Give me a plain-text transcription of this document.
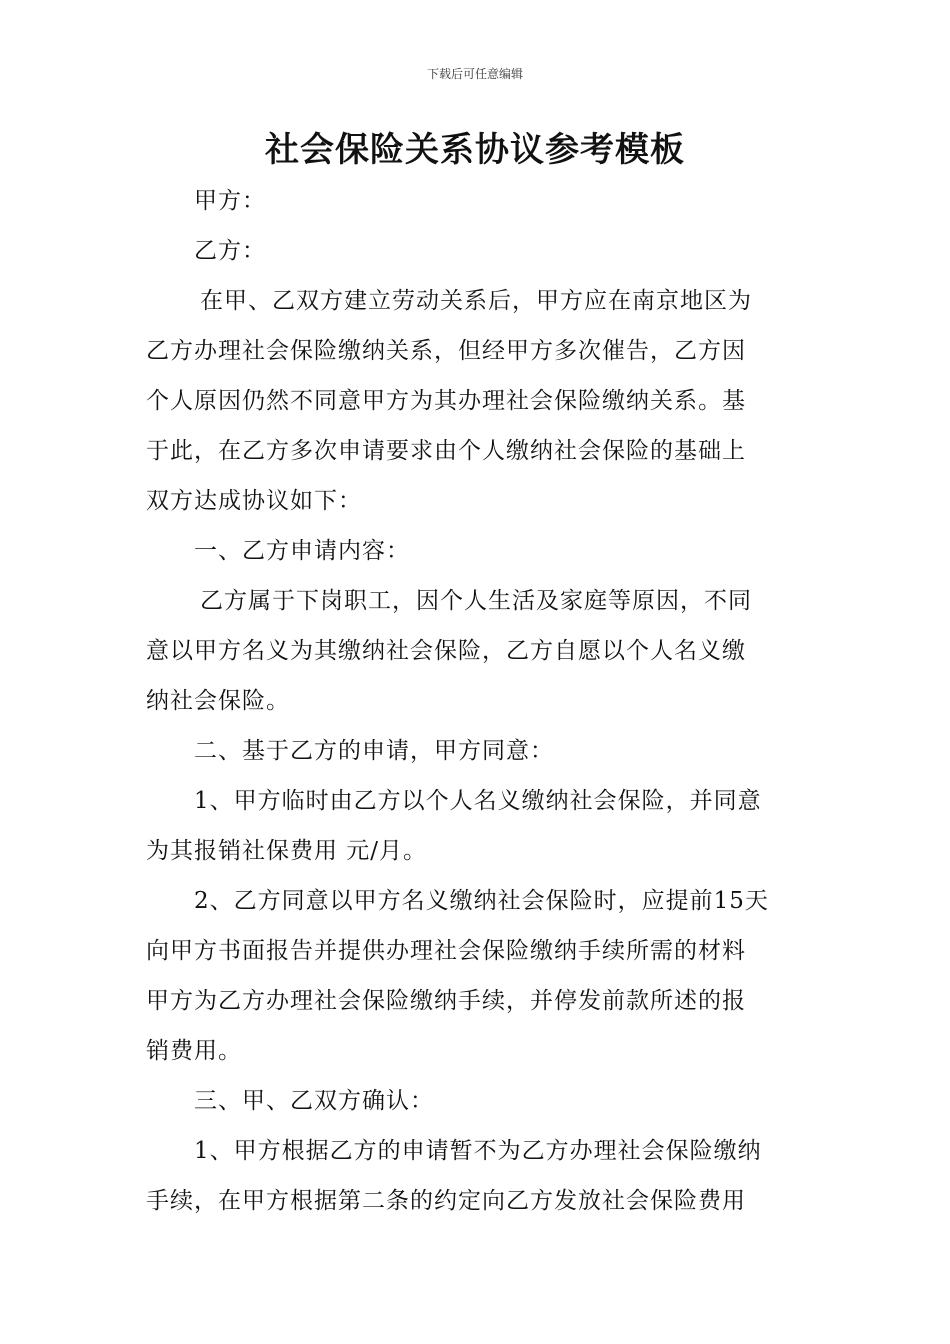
下载后可任意编辑
社会保险关系协议参考模板
甲方：
乙方：
在甲、乙双方建立劳动关系后，甲方应在南京地区为
乙方办理社会保险缴纳关系，但经甲方多次催告，乙方因
个人原因仍然不同意甲方为其办理社会保险缴纳关系。基
于此，在乙方多次申请要求由个人缴纳社会保险的基础上
双方达成协议如下：
一、乙方申请内容：
乙方属于下岗职工，因个人生活及家庭等原因，不同
意以甲方名义为其缴纳社会保险，乙方自愿以个人名义缴
纳社会保险。
二、基于乙方的申请，甲方同意：
1、甲方临时由乙方以个人名义缴纳社会保险，并同意
为其报销社保费用 元/月。
2、乙方同意以甲方名义缴纳社会保险时，应提前15天
向甲方书面报告并提供办理社会保险缴纳手续所需的材料
甲方为乙方办理社会保险缴纳手续，并停发前款所述的报
销费用。
三、甲、乙双方确认：
1、甲方根据乙方的申请暂不为乙方办理社会保险缴纳
手续，在甲方根据第二条的约定向乙方发放社会保险费用
